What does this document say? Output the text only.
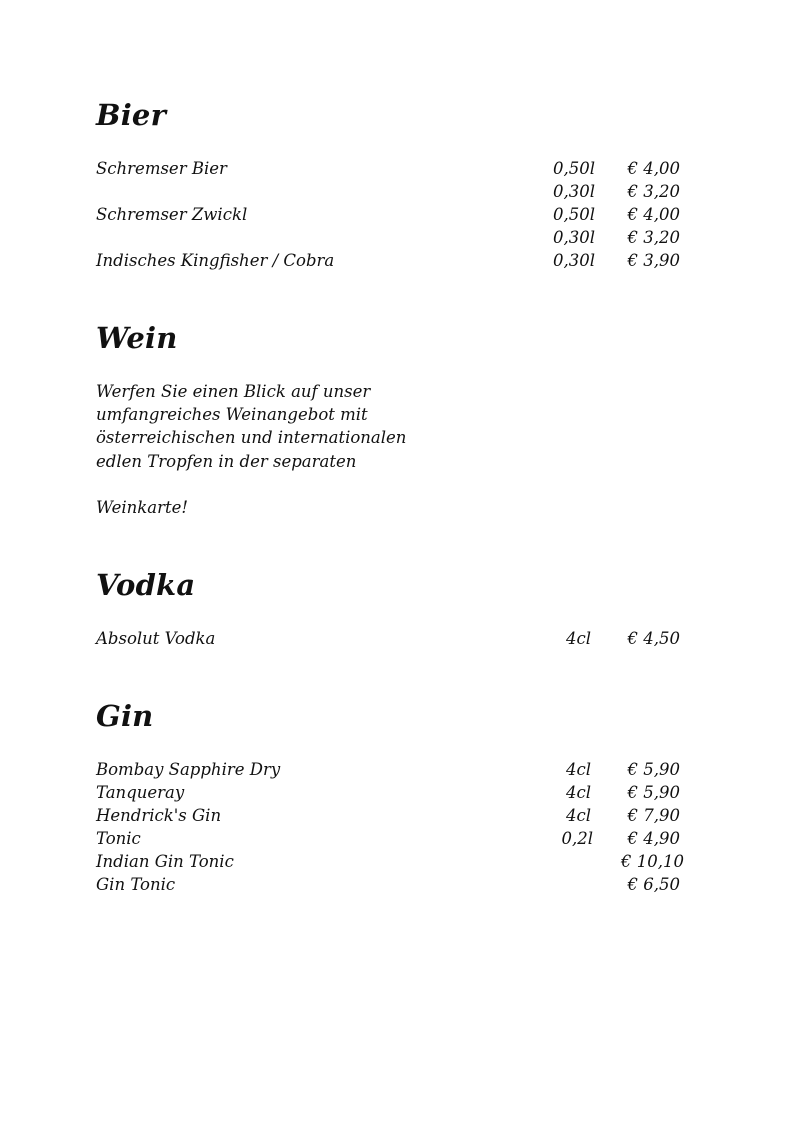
Bier
Schremser Bier	0,50l € 4,00
0,30l € 3,20
Schremser Zwickl	0,50l € 4,00
0,30l € 3,20
Indisches Kingfisher / Cobra	0,30l € 3,90
Wein

Werfen Sie einen Blick auf unser

umfangreiches Weinangebot mit

österreichischen und internationalen

edlen Tropfen in der separaten

Weinkarte!

Vodka
Absolut Vodka	4cl € 4,50
Gin
Bombay Sapphire Dry	4cl € 5,90
Tanqueray	4cl € 5,90
Hendrick's Gin	4cl € 7,90
Tonic	0,2l € 4,90
Indian Gin Tonic	€ 10,10
Gin Tonic	€ 6,50
